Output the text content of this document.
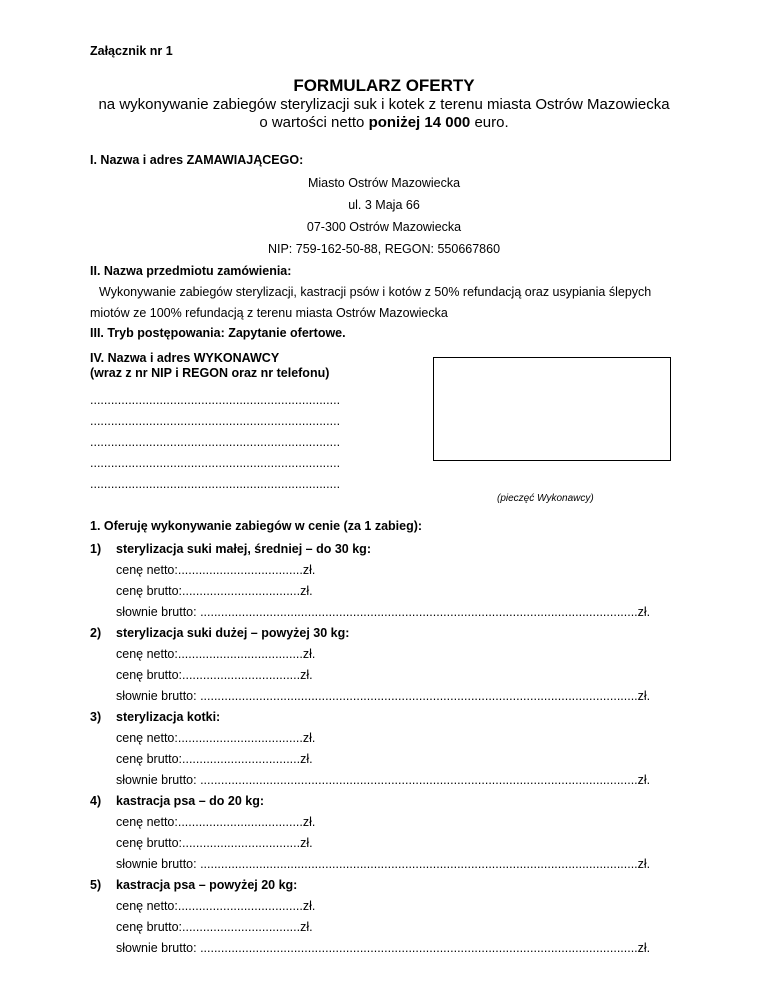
Załącznik nr 1
FORMULARZ OFERTY
na wykonywanie zabiegów sterylizacji suk i kotek z terenu miasta Ostrów Mazowiecka
o wartości netto poniżej 14 000 euro.
I. Nazwa i adres ZAMAWIAJĄCEGO:
Miasto Ostrów Mazowiecka
ul. 3 Maja 66
07-300 Ostrów Mazowiecka
NIP: 759-162-50-88, REGON: 550667860
II. Nazwa przedmiotu zamówienia:
Wykonywanie zabiegów sterylizacji, kastracji psów i kotów z 50% refundacją oraz usypiania ślepych
miotów ze 100% refundacją z terenu miasta Ostrów Mazowiecka
III. Tryb postępowania: Zapytanie ofertowe.
IV. Nazwa i adres WYKONAWCY
(wraz z nr NIP i REGON oraz nr telefonu)
........................................................................
........................................................................
........................................................................
........................................................................
........................................................................
(pieczęć Wykonawcy)
1. Oferuję wykonywanie zabiegów w cenie (za 1 zabieg):
1) sterylizacja suki małej, średniej – do 30 kg:
cenę netto:....................................zł.
cenę brutto:..................................zł.
słownie brutto: ..............................................................................................................................zł.
2) sterylizacja suki dużej – powyżej 30 kg:
cenę netto:....................................zł.
cenę brutto:..................................zł.
słownie brutto: ..............................................................................................................................zł.
3) sterylizacja kotki:
cenę netto:....................................zł.
cenę brutto:..................................zł.
słownie brutto: ..............................................................................................................................zł.
4) kastracja psa – do 20 kg:
cenę netto:....................................zł.
cenę brutto:..................................zł.
słownie brutto: ..............................................................................................................................zł.
5) kastracja psa – powyżej 20 kg:
cenę netto:....................................zł.
cenę brutto:..................................zł.
słownie brutto: ..............................................................................................................................zł.
